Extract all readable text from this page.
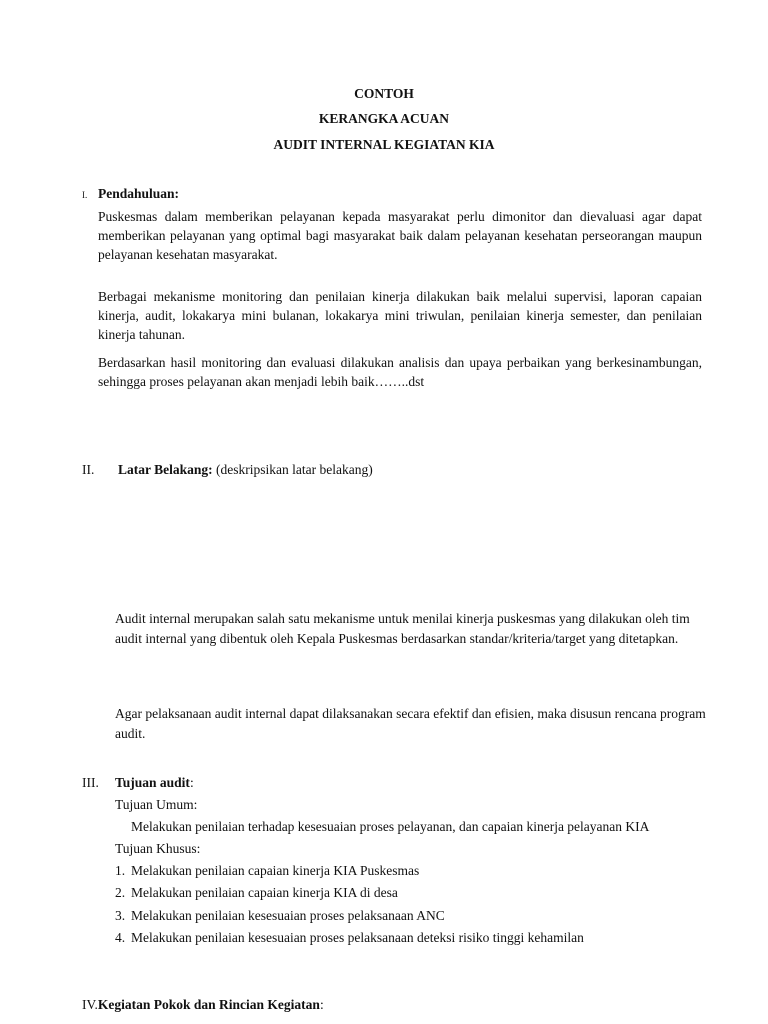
CONTOH
KERANGKA ACUAN
AUDIT INTERNAL KEGIATAN KIA
I. Pendahuluan:
Puskesmas dalam memberikan pelayanan kepada masyarakat perlu dimonitor dan dievaluasi agar dapat memberikan pelayanan yang optimal bagi masyarakat baik dalam pelayanan kesehatan perseorangan maupun pelayanan kesehatan masyarakat.
Berbagai mekanisme monitoring dan penilaian kinerja dilakukan baik melalui supervisi, laporan capaian kinerja, audit, lokakarya mini bulanan, lokakarya mini triwulan, penilaian kinerja semester, dan penilaian kinerja tahunan.
Berdasarkan hasil monitoring dan evaluasi dilakukan analisis dan upaya perbaikan yang berkesinambungan, sehingga proses pelayanan akan menjadi lebih baik……..dst
II. Latar Belakang: (deskripsikan latar belakang)
Audit internal merupakan salah satu mekanisme untuk menilai kinerja puskesmas yang dilakukan oleh tim audit internal yang dibentuk oleh Kepala Puskesmas berdasarkan standar/kriteria/target yang ditetapkan.
Agar pelaksanaan audit internal dapat dilaksanakan secara efektif dan efisien, maka disusun rencana program audit.
III. Tujuan audit:
Tujuan Umum:
Melakukan penilaian terhadap kesesuaian proses pelayanan, dan capaian kinerja pelayanan KIA
Tujuan Khusus:
1. Melakukan penilaian capaian kinerja KIA Puskesmas
2. Melakukan penilaian capaian kinerja KIA di desa
3. Melakukan penilaian kesesuaian proses pelaksanaan ANC
4. Melakukan penilaian kesesuaian proses pelaksanaan deteksi risiko tinggi kehamilan
IV.Kegiatan Pokok dan Rincian Kegiatan:
